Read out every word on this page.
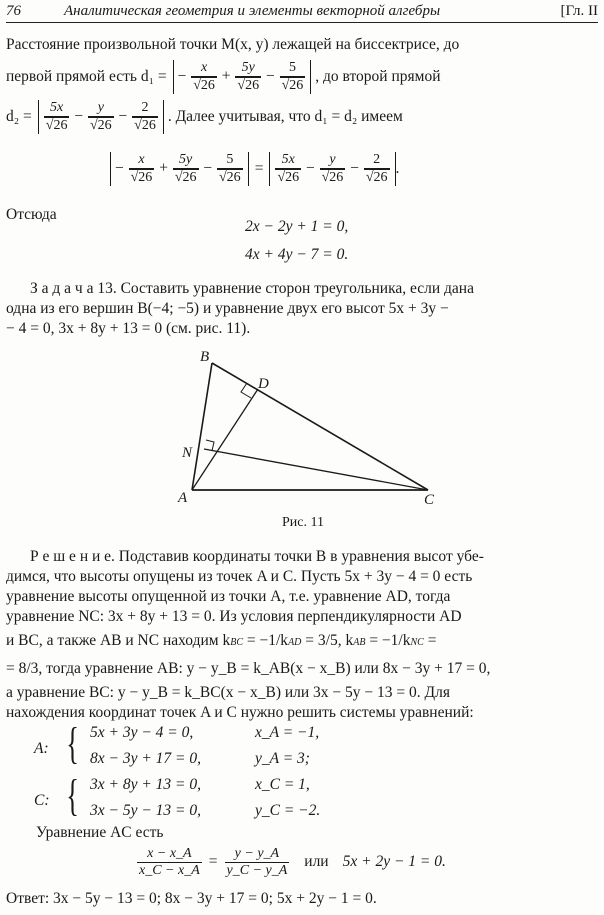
76	Аналитическая геометрия и элементы векторной алгебры	[Гл. II
Расстояние произвольной точки M(x, y) лежащей на биссектрисе, до
первой прямой есть d₁ = − $\frac{x}{√26} + \frac{5y}{√26} - \frac{5}{√26}$ , до второй прямой
$d_2 = \frac{5x}{√26} - \frac{y}{√26} - \frac{2}{√26}$ . Далее учитывая, что d₁ = d₂ имеем
− $\frac{x}{√26} + \frac{5y}{√26} - \frac{5}{√26} = \frac{5x}{√26} - \frac{y}{√26} - \frac{2}{√26}$ .
Отсюда
2x − 2y + 1 = 0,
4x + 4y − 7 = 0.
З а д а ч а 13. Составить уравнение сторон треугольника, если дана
одна из его вершин B(−4; −5) и уравнение двух его высот 5x + 3y −
− 4 = 0, 3x + 8y + 13 = 0 (см. рис. 11).
B
D
N
A	C
Рис. 11
Р е ш е н и е. Подставив координаты точки B в уравнения высот убе-
димся, что высоты опущены из точек A и C. Пусть 5x + 3y − 4 = 0 есть
уравнение высоты опущенной из точки A, т.е. уравнение AD, тогда
уравнение NC: 3x + 8y + 13 = 0. Из условия перпендикулярности AD
и BC, а также AB и NC находим kBC = −1/kAD = 3/5, kAB = −1/kNC =
= 8/3, тогда уравнение AB: y − y_B = k_AB(x − x_B) или 8x − 3y + 17 = 0,
а уравнение BC: y − y_B = k_BC(x − x_B) или 3x − 5y − 13 = 0. Для
нахождения координат точек A и C нужно решить системы уравнений:
A: { 5x + 3y − 4 = 0,	x_A = −1,
8x − 3y + 17 = 0,	y_A = 3;
C: { 3x + 8y + 13 = 0,	x_C = 1,
3x − 5y − 13 = 0,	y_C = −2.
Уравнение AC есть
$\frac{x - x\_A}{x\_C - x\_A} = \frac{y - y\_A}{y\_C - y\_A}$ или 5x + 2y − 1 = 0.
Ответ: 3x − 5y − 13 = 0; 8x − 3y + 17 = 0; 5x + 2y − 1 = 0.
